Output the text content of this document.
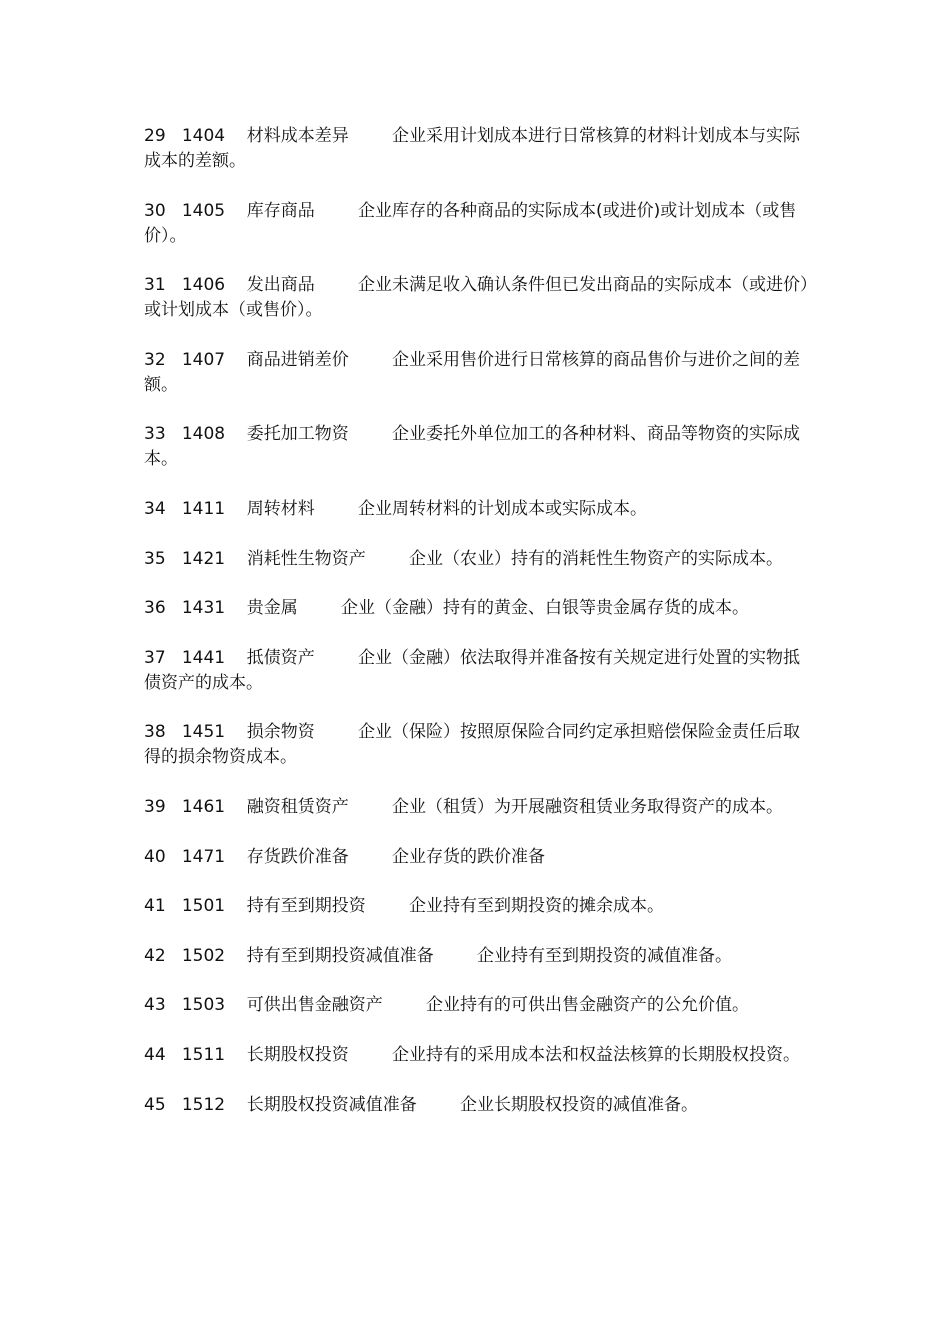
29 1404 材料成本差异	企业采用计划成本进行日常核算的材料计划成本与实际成本的差额。
30 1405 库存商品	企业库存的各种商品的实际成本(或进价)或计划成本（或售价）。
31 1406 发出商品	企业未满足收入确认条件但已发出商品的实际成本（或进价）或计划成本（或售价）。
32 1407 商品进销差价	企业采用售价进行日常核算的商品售价与进价之间的差额。
33 1408 委托加工物资	企业委托外单位加工的各种材料、商品等物资的实际成本。
34 1411 周转材料	企业周转材料的计划成本或实际成本。
35 1421 消耗性生物资产	企业（农业）持有的消耗性生物资产的实际成本。
36 1431 贵金属	企业（金融）持有的黄金、白银等贵金属存货的成本。
37 1441 抵债资产	企业（金融）依法取得并准备按有关规定进行处置的实物抵债资产的成本。
38 1451 损余物资	企业（保险）按照原保险合同约定承担赔偿保险金责任后取得的损余物资成本。
39 1461 融资租赁资产	企业（租赁）为开展融资租赁业务取得资产的成本。
40 1471 存货跌价准备	企业存货的跌价准备
41 1501 持有至到期投资	企业持有至到期投资的摊余成本。
42 1502 持有至到期投资减值准备	企业持有至到期投资的减值准备。
43 1503 可供出售金融资产	企业持有的可供出售金融资产的公允价值。
44 1511 长期股权投资	企业持有的采用成本法和权益法核算的长期股权投资。
45 1512 长期股权投资减值准备	企业长期股权投资的减值准备。
